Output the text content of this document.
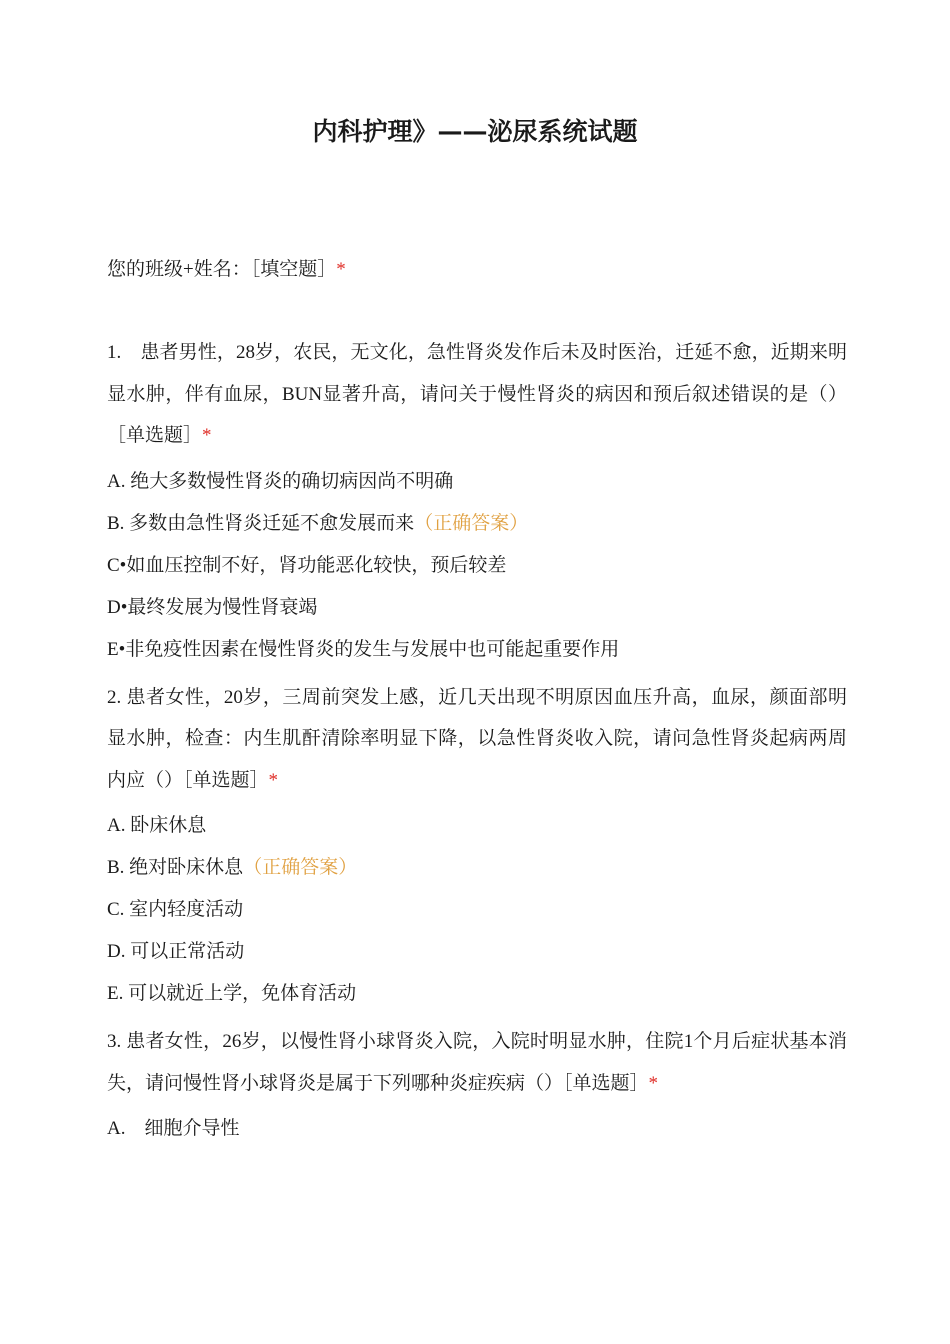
内科护理》——泌尿系统试题

您的班级+姓名：［填空题］*

1.　患者男性，28岁，农民，无文化，急性肾炎发作后未及时医治，迁延不愈，近期来明显水肿，伴有血尿，BUN显著升高，请问关于慢性肾炎的病因和预后叙述错误的是（）［单选题］*

A. 绝大多数慢性肾炎的确切病因尚不明确

B. 多数由急性肾炎迁延不愈发展而来（正确答案）

C•如血压控制不好，肾功能恶化较快，预后较差

D•最终发展为慢性肾衰竭

E•非免疫性因素在慢性肾炎的发生与发展中也可能起重要作用

2. 患者女性，20岁，三周前突发上感，近几天出现不明原因血压升高，血尿，颜面部明显水肿，检查：内生肌酐清除率明显下降，以急性肾炎收入院，请问急性肾炎起病两周内应（）［单选题］*

A. 卧床休息

B. 绝对卧床休息（正确答案）

C. 室内轻度活动

D. 可以正常活动

E. 可以就近上学，免体育活动

3. 患者女性，26岁，以慢性肾小球肾炎入院，入院时明显水肿，住院1个月后症状基本消失，请问慢性肾小球肾炎是属于下列哪种炎症疾病（）［单选题］*

A.　细胞介导性
